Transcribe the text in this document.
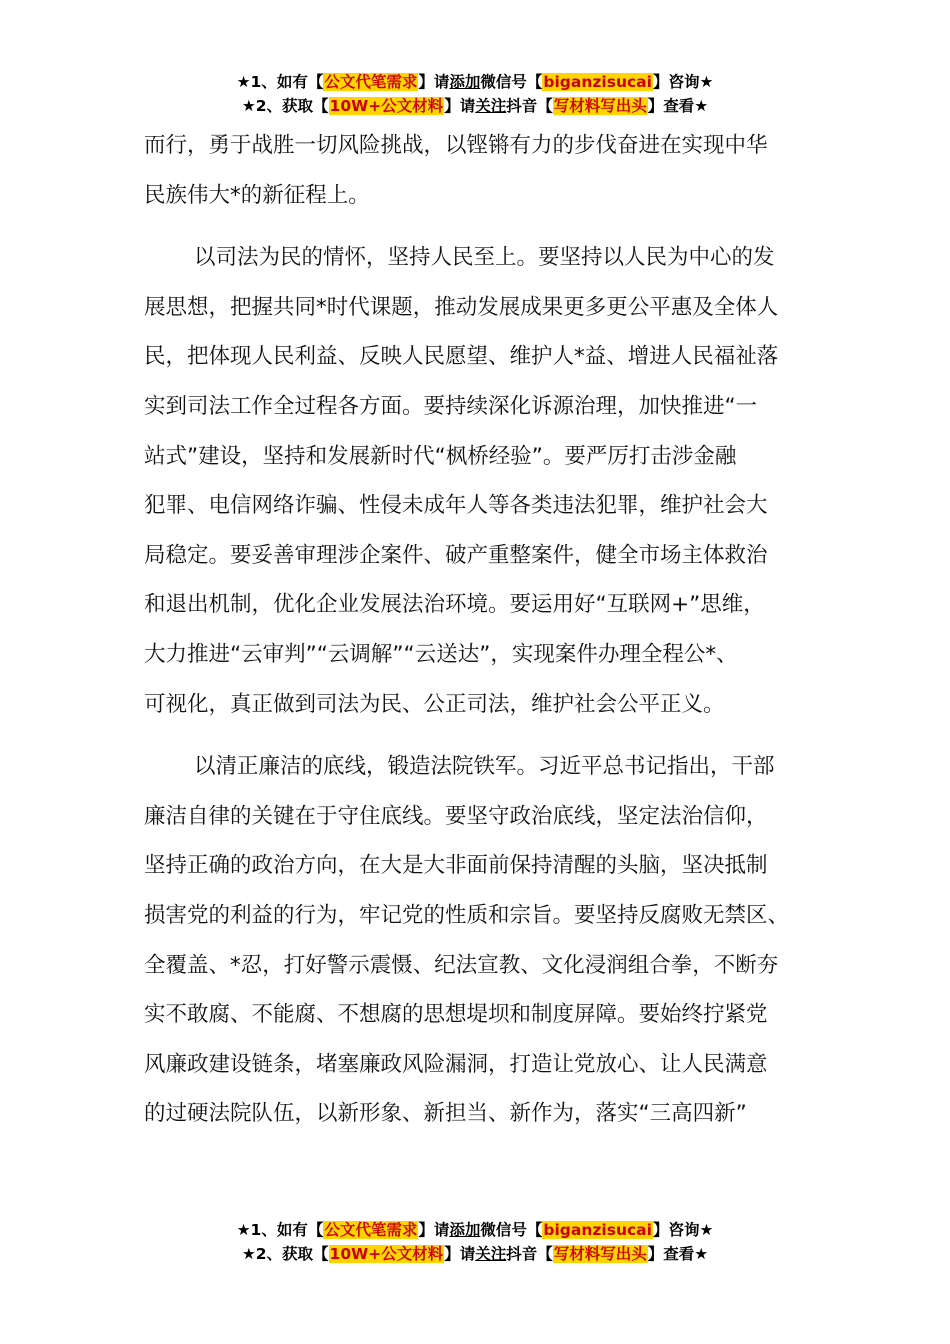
★1、如有【公文代笔需求】请添加微信号【biganzisucai】咨询★
★2、获取【10W+公文材料】请关注抖音【写材料写出头】查看★
而行，勇于战胜一切风险挑战，以铿锵有力的步伐奋进在实现中华
民族伟大*的新征程上。
以司法为民的情怀，坚持人民至上。要坚持以人民为中心的发
展思想，把握共同*时代课题，推动发展成果更多更公平惠及全体人
民，把体现人民利益、反映人民愿望、维护人*益、增进人民福祉落
实到司法工作全过程各方面。要持续深化诉源治理，加快推进“一
站式”建设，坚持和发展新时代“枫桥经验”。要严厉打击涉金融
犯罪、电信网络诈骗、性侵未成年人等各类违法犯罪，维护社会大
局稳定。要妥善审理涉企案件、破产重整案件，健全市场主体救治
和退出机制，优化企业发展法治环境。要运用好“互联网+”思维，
大力推进“云审判”“云调解”“云送达”，实现案件办理全程公*、
可视化，真正做到司法为民、公正司法，维护社会公平正义。
以清正廉洁的底线，锻造法院铁军。习近平总书记指出，干部
廉洁自律的关键在于守住底线。要坚守政治底线，坚定法治信仰，
坚持正确的政治方向，在大是大非面前保持清醒的头脑，坚决抵制
损害党的利益的行为，牢记党的性质和宗旨。要坚持反腐败无禁区、
全覆盖、*忍，打好警示震慑、纪法宣教、文化浸润组合拳，不断夯
实不敢腐、不能腐、不想腐的思想堤坝和制度屏障。要始终拧紧党
风廉政建设链条，堵塞廉政风险漏洞，打造让党放心、让人民满意
的过硬法院队伍，以新形象、新担当、新作为，落实“三高四新”
★1、如有【公文代笔需求】请添加微信号【biganzisucai】咨询★
★2、获取【10W+公文材料】请关注抖音【写材料写出头】查看★
